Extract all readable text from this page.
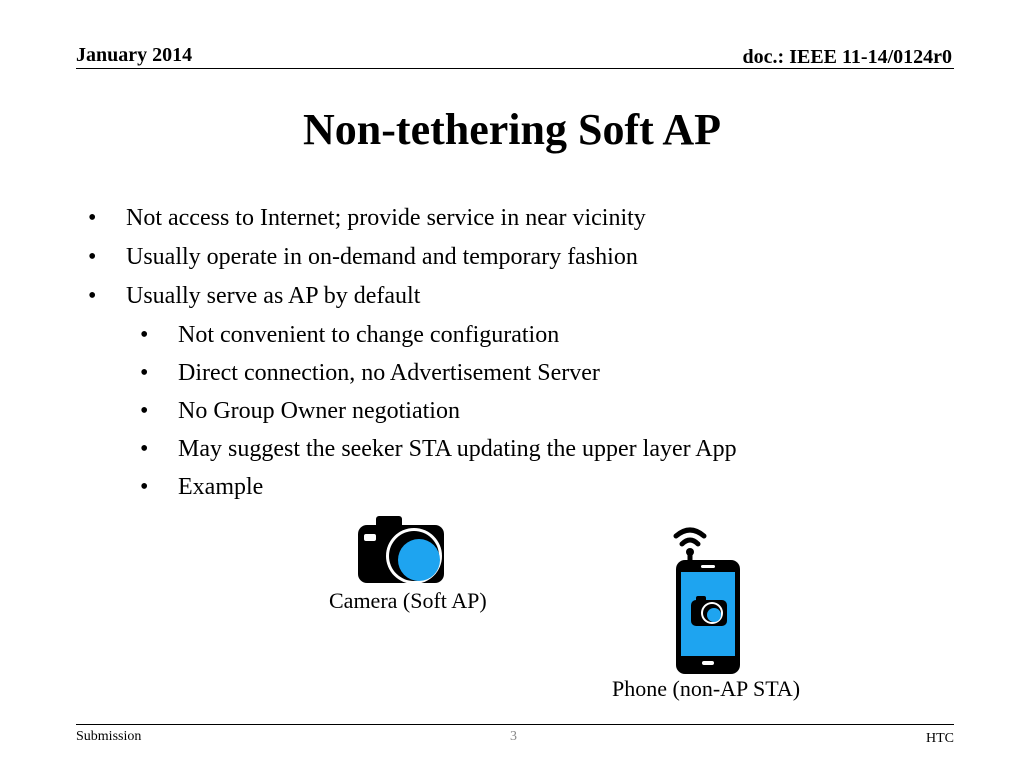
January 2014	doc.: IEEE 11-14/0124r0
Non-tethering Soft AP
• Not access to Internet; provide service in near vicinity
• Usually operate in on-demand and temporary fashion
• Usually serve as AP by default
• Not convenient to change configuration
• Direct connection, no Advertisement Server
• No Group Owner negotiation
• May suggest the seeker STA updating the upper layer App
• Example
Camera (Soft AP)
Phone (non-AP STA)
Submission	3	HTC
